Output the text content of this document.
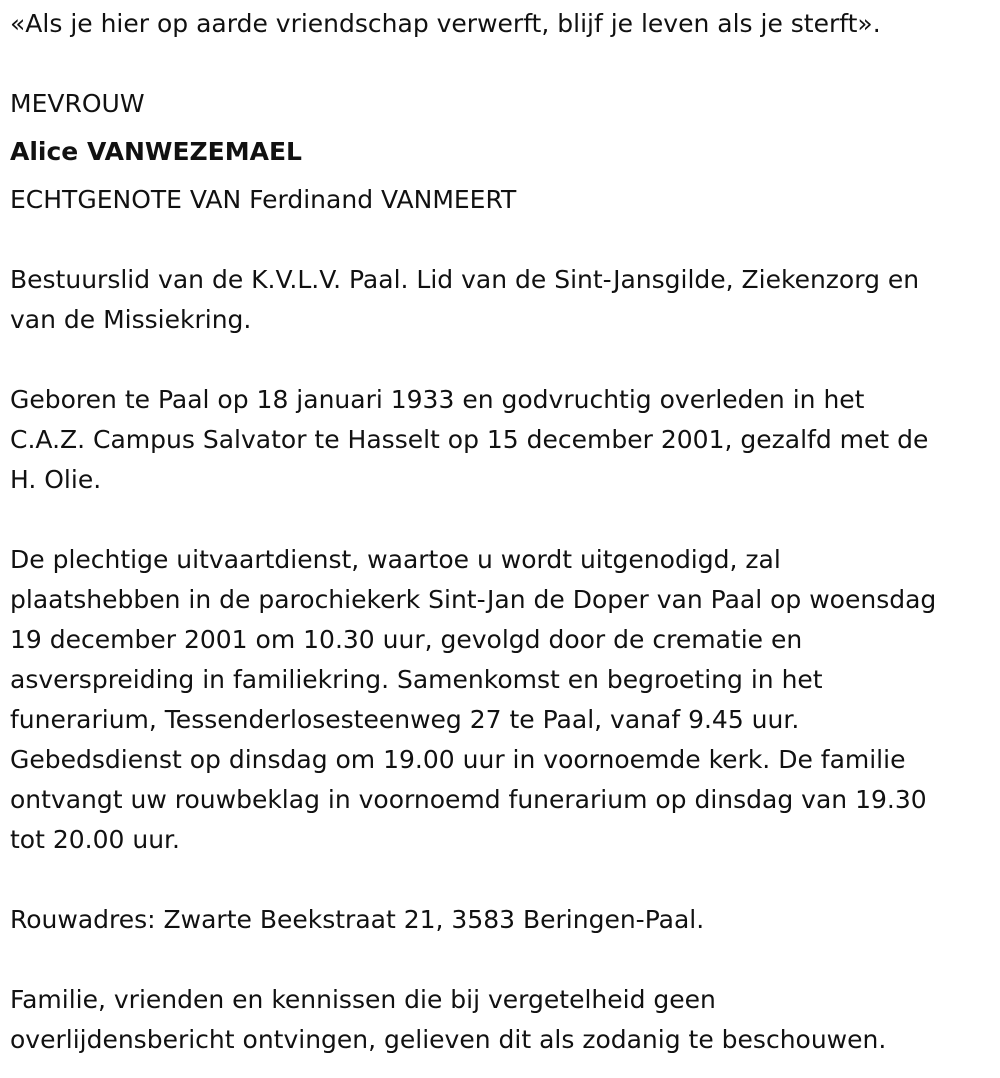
«Als je hier op aarde vriendschap verwerft, blijf je leven als je sterft».

MEVROUW

Alice VANWEZEMAEL

ECHTGENOTE VAN Ferdinand VANMEERT

Bestuurslid van de K.V.L.V. Paal. Lid van de Sint-Jansgilde, Ziekenzorg en

van de Missiekring.

Geboren te Paal op 18 januari 1933 en godvruchtig overleden in het

C.A.Z. Campus Salvator te Hasselt op 15 december 2001, gezalfd met de

H. Olie.

De plechtige uitvaartdienst, waartoe u wordt uitgenodigd, zal

plaatshebben in de parochiekerk Sint-Jan de Doper van Paal op woensdag

19 december 2001 om 10.30 uur, gevolgd door de crematie en

asverspreiding in familiekring. Samenkomst en begroeting in het

funerarium, Tessenderlosesteenweg 27 te Paal, vanaf 9.45 uur.

Gebedsdienst op dinsdag om 19.00 uur in voornoemde kerk. De familie

ontvangt uw rouwbeklag in voornoemd funerarium op dinsdag van 19.30

tot 20.00 uur.

Rouwadres: Zwarte Beekstraat 21, 3583 Beringen-Paal.

Familie, vrienden en kennissen die bij vergetelheid geen

overlijdensbericht ontvingen, gelieven dit als zodanig te beschouwen.
